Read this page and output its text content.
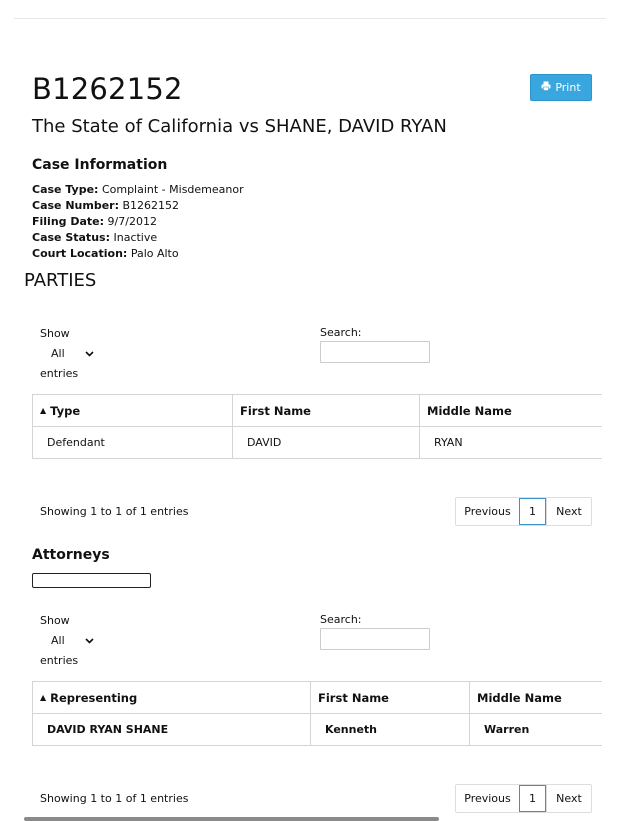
B1262152	Print
The State of California vs SHANE, DAVID RYAN
Case Information
Case Type: Complaint - Misdemeanor
Case Number: B1262152
Filing Date: 9/7/2012
Case Status: Inactive
Court Location: Palo Alto
PARTIES
Show
All
entries
Search:
▲ Type	First Name	Middle Name
Defendant	DAVID	RYAN
Showing 1 to 1 of 1 entries	Previous	1	Next
Attorneys
Show
All
entries
Search:
▲ Representing	First Name	Middle Name
DAVID RYAN SHANE	Kenneth	Warren
Showing 1 to 1 of 1 entries	Previous	1	Next
